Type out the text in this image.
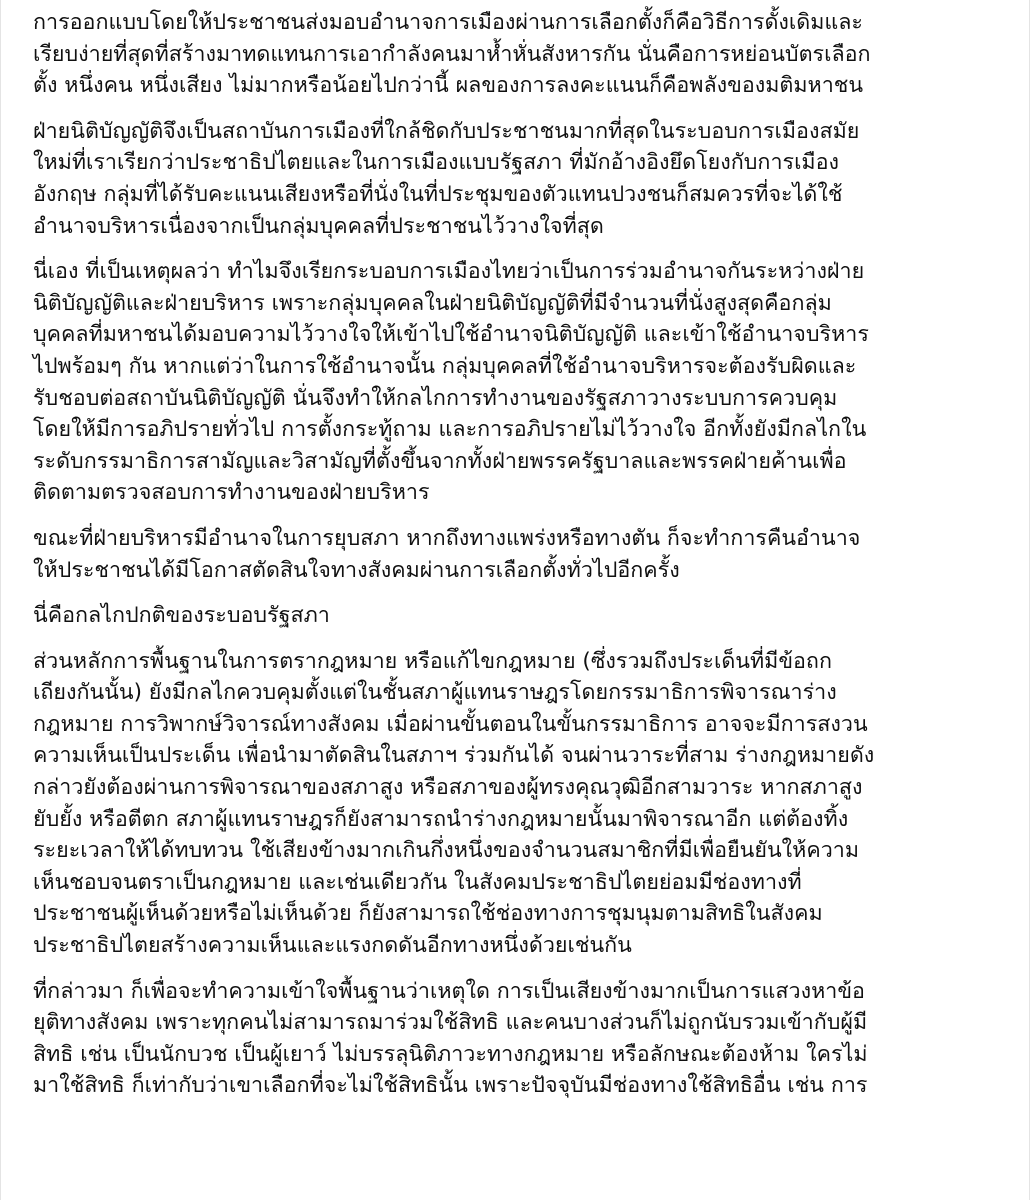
การออกแบบโดยให้ประชาชนส่งมอบอำนาจการเมืองผ่านการเลือกตั้งก็คือวิธีการดั้งเดิมและ
เรียบง่ายที่สุดที่สร้างมาทดแทนการเอากำลังคนมาห้ำหั่นสังหารกัน นั่นคือการหย่อนบัตรเลือก
ตั้ง หนึ่งคน หนึ่งเสียง ไม่มากหรือน้อยไปกว่านี้ ผลของการลงคะแนนก็คือพลังของมติมหาชน

ฝ่ายนิติบัญญัติจึงเป็นสถาบันการเมืองที่ใกล้ชิดกับประชาชนมากที่สุดในระบอบการเมืองสมัย
ใหม่ที่เราเรียกว่าประชาธิปไตยและในการเมืองแบบรัฐสภา ที่มักอ้างอิงยึดโยงกับการเมือง
อังกฤษ กลุ่มที่ได้รับคะแนนเสียงหรือที่นั่งในที่ประชุมของตัวแทนปวงชนก็สมควรที่จะได้ใช้
อำนาจบริหารเนื่องจากเป็นกลุ่มบุคคลที่ประชาชนไว้วางใจที่สุด

นี่เอง ที่เป็นเหตุผลว่า ทำไมจึงเรียกระบอบการเมืองไทยว่าเป็นการร่วมอำนาจกันระหว่างฝ่าย
นิติบัญญัติและฝ่ายบริหาร เพราะกลุ่มบุคคลในฝ่ายนิติบัญญัติที่มีจำนวนที่นั่งสูงสุดคือกลุ่ม
บุคคลที่มหาชนได้มอบความไว้วางใจให้เข้าไปใช้อำนาจนิติบัญญัติ และเข้าใช้อำนาจบริหาร
ไปพร้อมๆ กัน หากแต่ว่าในการใช้อำนาจนั้น กลุ่มบุคคลที่ใช้อำนาจบริหารจะต้องรับผิดและ
รับชอบต่อสถาบันนิติบัญญัติ นั่นจึงทำให้กลไกการทำงานของรัฐสภาวางระบบการควบคุม
โดยให้มีการอภิปรายทั่วไป การตั้งกระทู้ถาม และการอภิปรายไม่ไว้วางใจ อีกทั้งยังมีกลไกใน
ระดับกรรมาธิการสามัญและวิสามัญที่ตั้งขึ้นจากทั้งฝ่ายพรรครัฐบาลและพรรคฝ่ายค้านเพื่อ
ติดตามตรวจสอบการทำงานของฝ่ายบริหาร

ขณะที่ฝ่ายบริหารมีอำนาจในการยุบสภา หากถึงทางแพร่งหรือทางตัน ก็จะทำการคืนอำนาจ
ให้ประชาชนได้มีโอกาสตัดสินใจทางสังคมผ่านการเลือกตั้งทั่วไปอีกครั้ง

นี่คือกลไกปกติของระบอบรัฐสภา

ส่วนหลักการพื้นฐานในการตรากฎหมาย หรือแก้ไขกฎหมาย (ซึ่งรวมถึงประเด็นที่มีข้อถก
เถียงกันนั้น) ยังมีกลไกควบคุมตั้งแต่ในชั้นสภาผู้แทนราษฎรโดยกรรมาธิการพิจารณาร่าง
กฎหมาย การวิพากษ์วิจารณ์ทางสังคม เมื่อผ่านขั้นตอนในขั้นกรรมาธิการ อาจจะมีการสงวน
ความเห็นเป็นประเด็น เพื่อนำมาตัดสินในสภาฯ ร่วมกันได้ จนผ่านวาระที่สาม ร่างกฎหมายดัง
กล่าวยังต้องผ่านการพิจารณาของสภาสูง หรือสภาของผู้ทรงคุณวุฒิอีกสามวาระ หากสภาสูง
ยับยั้ง หรือตีตก สภาผู้แทนราษฎรก็ยังสามารถนำร่างกฎหมายนั้นมาพิจารณาอีก แต่ต้องทิ้ง
ระยะเวลาให้ได้ทบทวน ใช้เสียงข้างมากเกินกึ่งหนึ่งของจำนวนสมาชิกที่มีเพื่อยืนยันให้ความ
เห็นชอบจนตราเป็นกฎหมาย และเช่นเดียวกัน ในสังคมประชาธิปไตยย่อมมีช่องทางที่
ประชาชนผู้เห็นด้วยหรือไม่เห็นด้วย ก็ยังสามารถใช้ช่องทางการชุมนุมตามสิทธิในสังคม
ประชาธิปไตยสร้างความเห็นและแรงกดดันอีกทางหนึ่งด้วยเช่นกัน

ที่กล่าวมา ก็เพื่อจะทำความเข้าใจพื้นฐานว่าเหตุใด การเป็นเสียงข้างมากเป็นการแสวงหาข้อ
ยุติทางสังคม เพราะทุกคนไม่สามารถมาร่วมใช้สิทธิ และคนบางส่วนก็ไม่ถูกนับรวมเข้ากับผู้มี
สิทธิ เช่น เป็นนักบวช เป็นผู้เยาว์ ไม่บรรลุนิติภาวะทางกฎหมาย หรือลักษณะต้องห้าม ใครไม่
มาใช้สิทธิ ก็เท่ากับว่าเขาเลือกที่จะไม่ใช้สิทธินั้น เพราะปัจจุบันมีช่องทางใช้สิทธิอื่น เช่น การ
